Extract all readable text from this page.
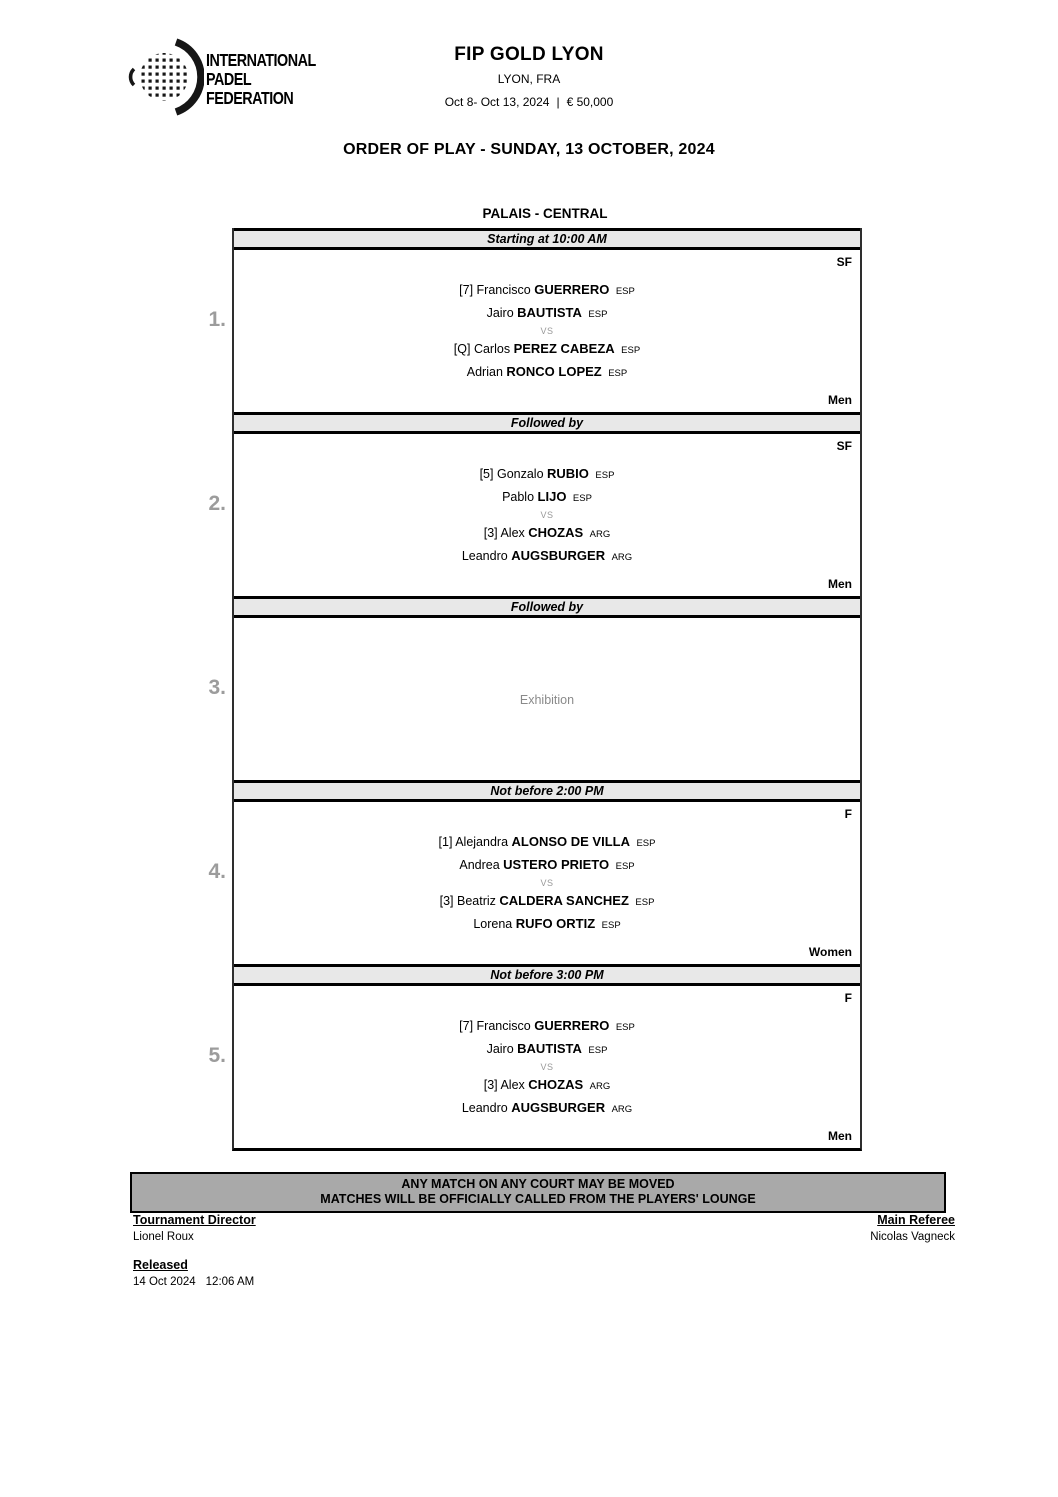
INTERNATIONAL
PADEL
FEDERATION
FIP GOLD LYON
LYON, FRA
Oct 8- Oct 13, 2024 | € 50,000
ORDER OF PLAY - SUNDAY, 13 OCTOBER, 2024
PALAIS - CENTRAL
1.
Starting at 10:00 AM
SF
[7] Francisco GUERRERO ESP
Jairo BAUTISTA ESP
VS
[Q] Carlos PEREZ CABEZA ESP
Adrian RONCO LOPEZ ESP
Men
2.
Followed by
SF
[5] Gonzalo RUBIO ESP
Pablo LIJO ESP
VS
[3] Alex CHOZAS ARG
Leandro AUGSBURGER ARG
Men
3.
Followed by
Exhibition
4.
Not before 2:00 PM
F
[1] Alejandra ALONSO DE VILLA ESP
Andrea USTERO PRIETO ESP
VS
[3] Beatriz CALDERA SANCHEZ ESP
Lorena RUFO ORTIZ ESP
Women
5.
Not before 3:00 PM
F
[7] Francisco GUERRERO ESP
Jairo BAUTISTA ESP
VS
[3] Alex CHOZAS ARG
Leandro AUGSBURGER ARG
Men
ANY MATCH ON ANY COURT MAY BE MOVED
MATCHES WILL BE OFFICIALLY CALLED FROM THE PLAYERS' LOUNGE
Tournament Director
Lionel Roux
Released
14 Oct 2024 12:06 AM
Main Referee
Nicolas Vagneck
